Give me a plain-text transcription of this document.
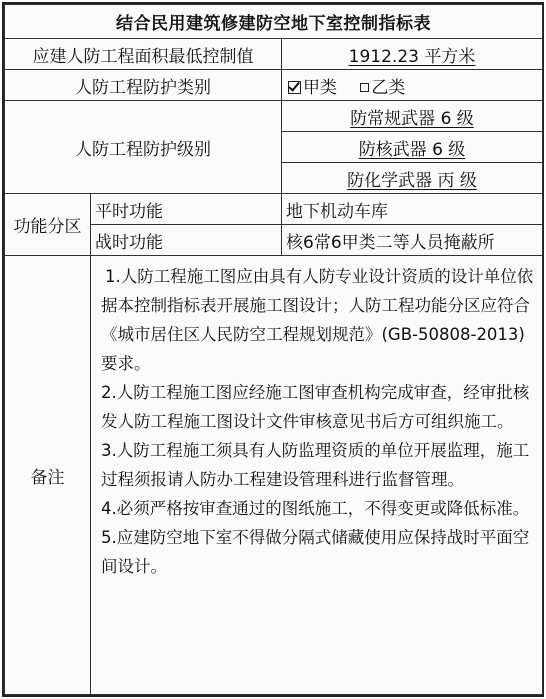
结合民用建筑修建防空地下室控制指标表		
应建人防工程面积最低控制值		1912.23 平方米
人防工程防护类别		甲类 乙类
人防工程防护级别		防常规武器 6 级
		防核武器 6 级
		防化学武器 丙 级
功能分区	平时功能	地下机动车库
	战时功能	核6常6甲类二等人员掩蔽所
备注	1.人防工程施工图应由具有人防专业设计资质的设计单位依据本控制指标表开展施工图设计；人防工程功能分区应符合《城市居住区人民防空工程规划规范》(GB-50808-2013)要求。

2.人防工程施工图应经施工图审查机构完成审查，经审批核发人防工程施工图设计文件审核意见书后方可组织施工。

3.人防工程施工须具有人防监理资质的单位开展监理，施工过程须报请人防办工程建设管理科进行监督管理。

4.必须严格按审查通过的图纸施工，不得变更或降低标准。

5.应建防空地下室不得做分隔式储藏使用应保持战时平面空间设计。	
